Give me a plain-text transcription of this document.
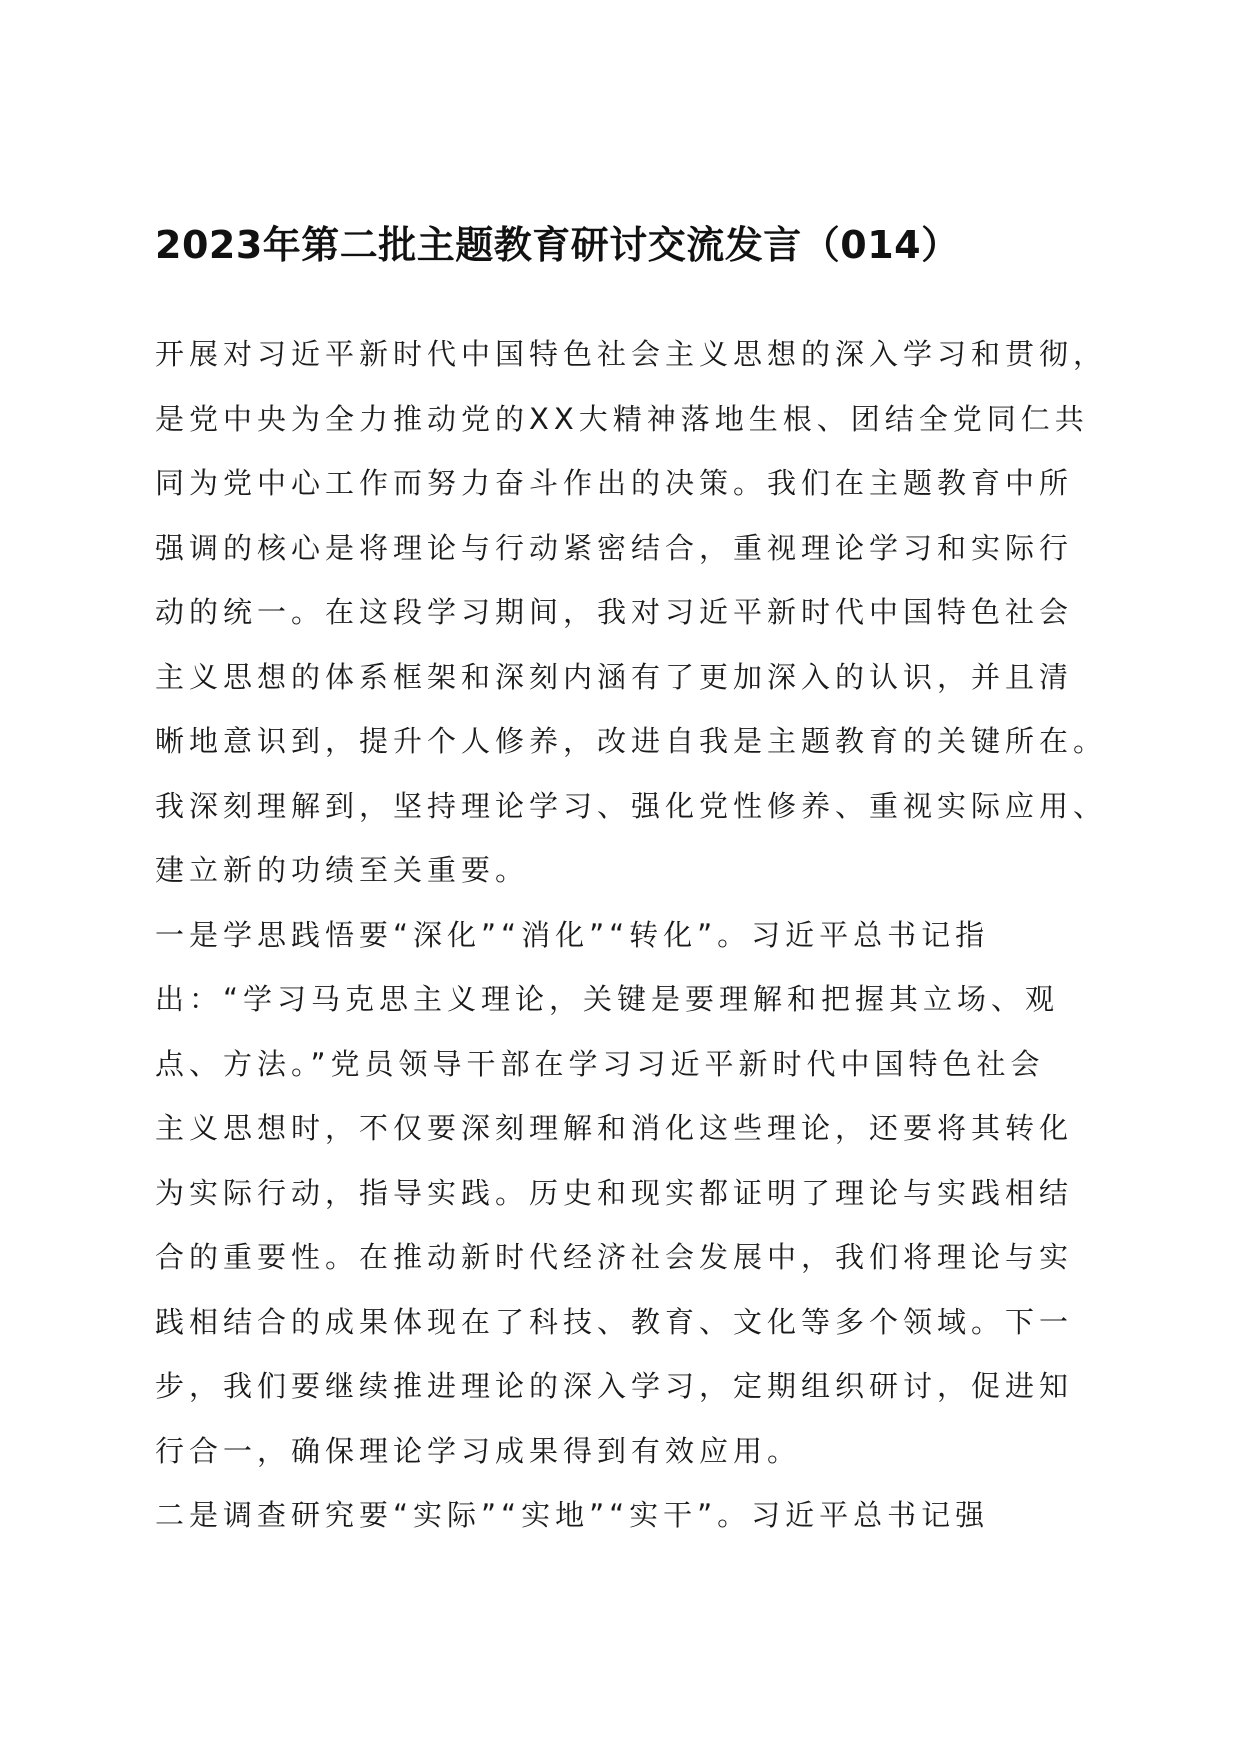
2023年第二批主题教育研讨交流发言（014）
开展对习近平新时代中国特色社会主义思想的深入学习和贯彻，
是党中央为全力推动党的XX大精神落地生根、团结全党同仁共
同为党中心工作而努力奋斗作出的决策。我们在主题教育中所
强调的核心是将理论与行动紧密结合，重视理论学习和实际行
动的统一。在这段学习期间，我对习近平新时代中国特色社会
主义思想的体系框架和深刻内涵有了更加深入的认识，并且清
晰地意识到，提升个人修养，改进自我是主题教育的关键所在。
我深刻理解到，坚持理论学习、强化党性修养、重视实际应用、
建立新的功绩至关重要。
一是学思践悟要“深化”“消化”“转化”。习近平总书记指
出：“学习马克思主义理论，关键是要理解和把握其立场、观
点、方法。”党员领导干部在学习习近平新时代中国特色社会
主义思想时，不仅要深刻理解和消化这些理论，还要将其转化
为实际行动，指导实践。历史和现实都证明了理论与实践相结
合的重要性。在推动新时代经济社会发展中，我们将理论与实
践相结合的成果体现在了科技、教育、文化等多个领域。下一
步，我们要继续推进理论的深入学习，定期组织研讨，促进知
行合一，确保理论学习成果得到有效应用。
二是调查研究要“实际”“实地”“实干”。习近平总书记强
